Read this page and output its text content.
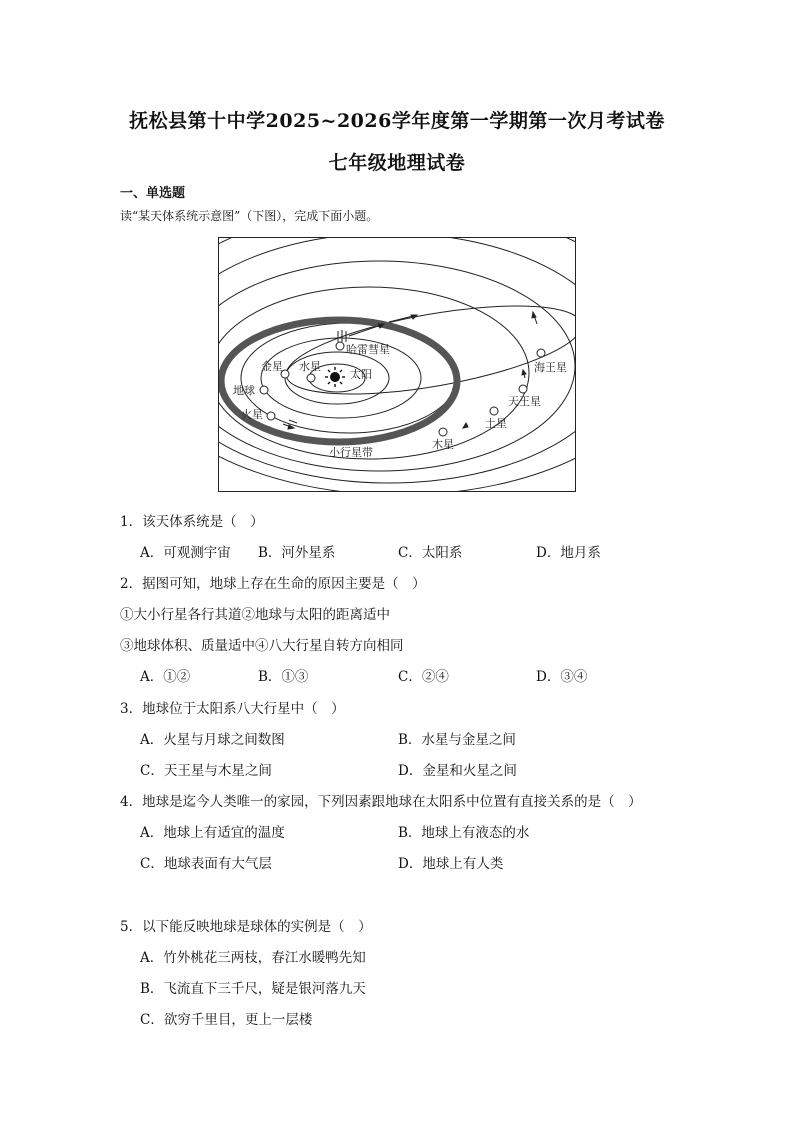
抚松县第十中学2025~2026学年度第一学期第一次月考试卷
七年级地理试卷
一、单选题
读“某天体系统示意图”（下图），完成下面小题。
哈雷彗星
金星 水星
太阳
地球
火星
海王星
天王星
土星
木星
小行星带
1．该天体系统是（　）
A．可观测宇宙 B．河外星系	C．太阳系	D．地月系
2．据图可知，地球上存在生命的原因主要是（　）
①大小行星各行其道②地球与太阳的距离适中
③地球体积、质量适中④八大行星自转方向相同
A．①②	B．①③	C．②④	D．③④
3．地球位于太阳系八大行星中（　）
A．火星与月球之间数图	B．水星与金星之间
C．天王星与木星之间	D．金星和火星之间
4．地球是迄今人类唯一的家园，下列因素跟地球在太阳系中位置有直接关系的是（　）
A．地球上有适宜的温度	B．地球上有液态的水
C．地球表面有大气层	D．地球上有人类
5．以下能反映地球是球体的实例是（　）
A．竹外桃花三两枝，春江水暖鸭先知
B．飞流直下三千尺，疑是银河落九天
C．欲穷千里目，更上一层楼
